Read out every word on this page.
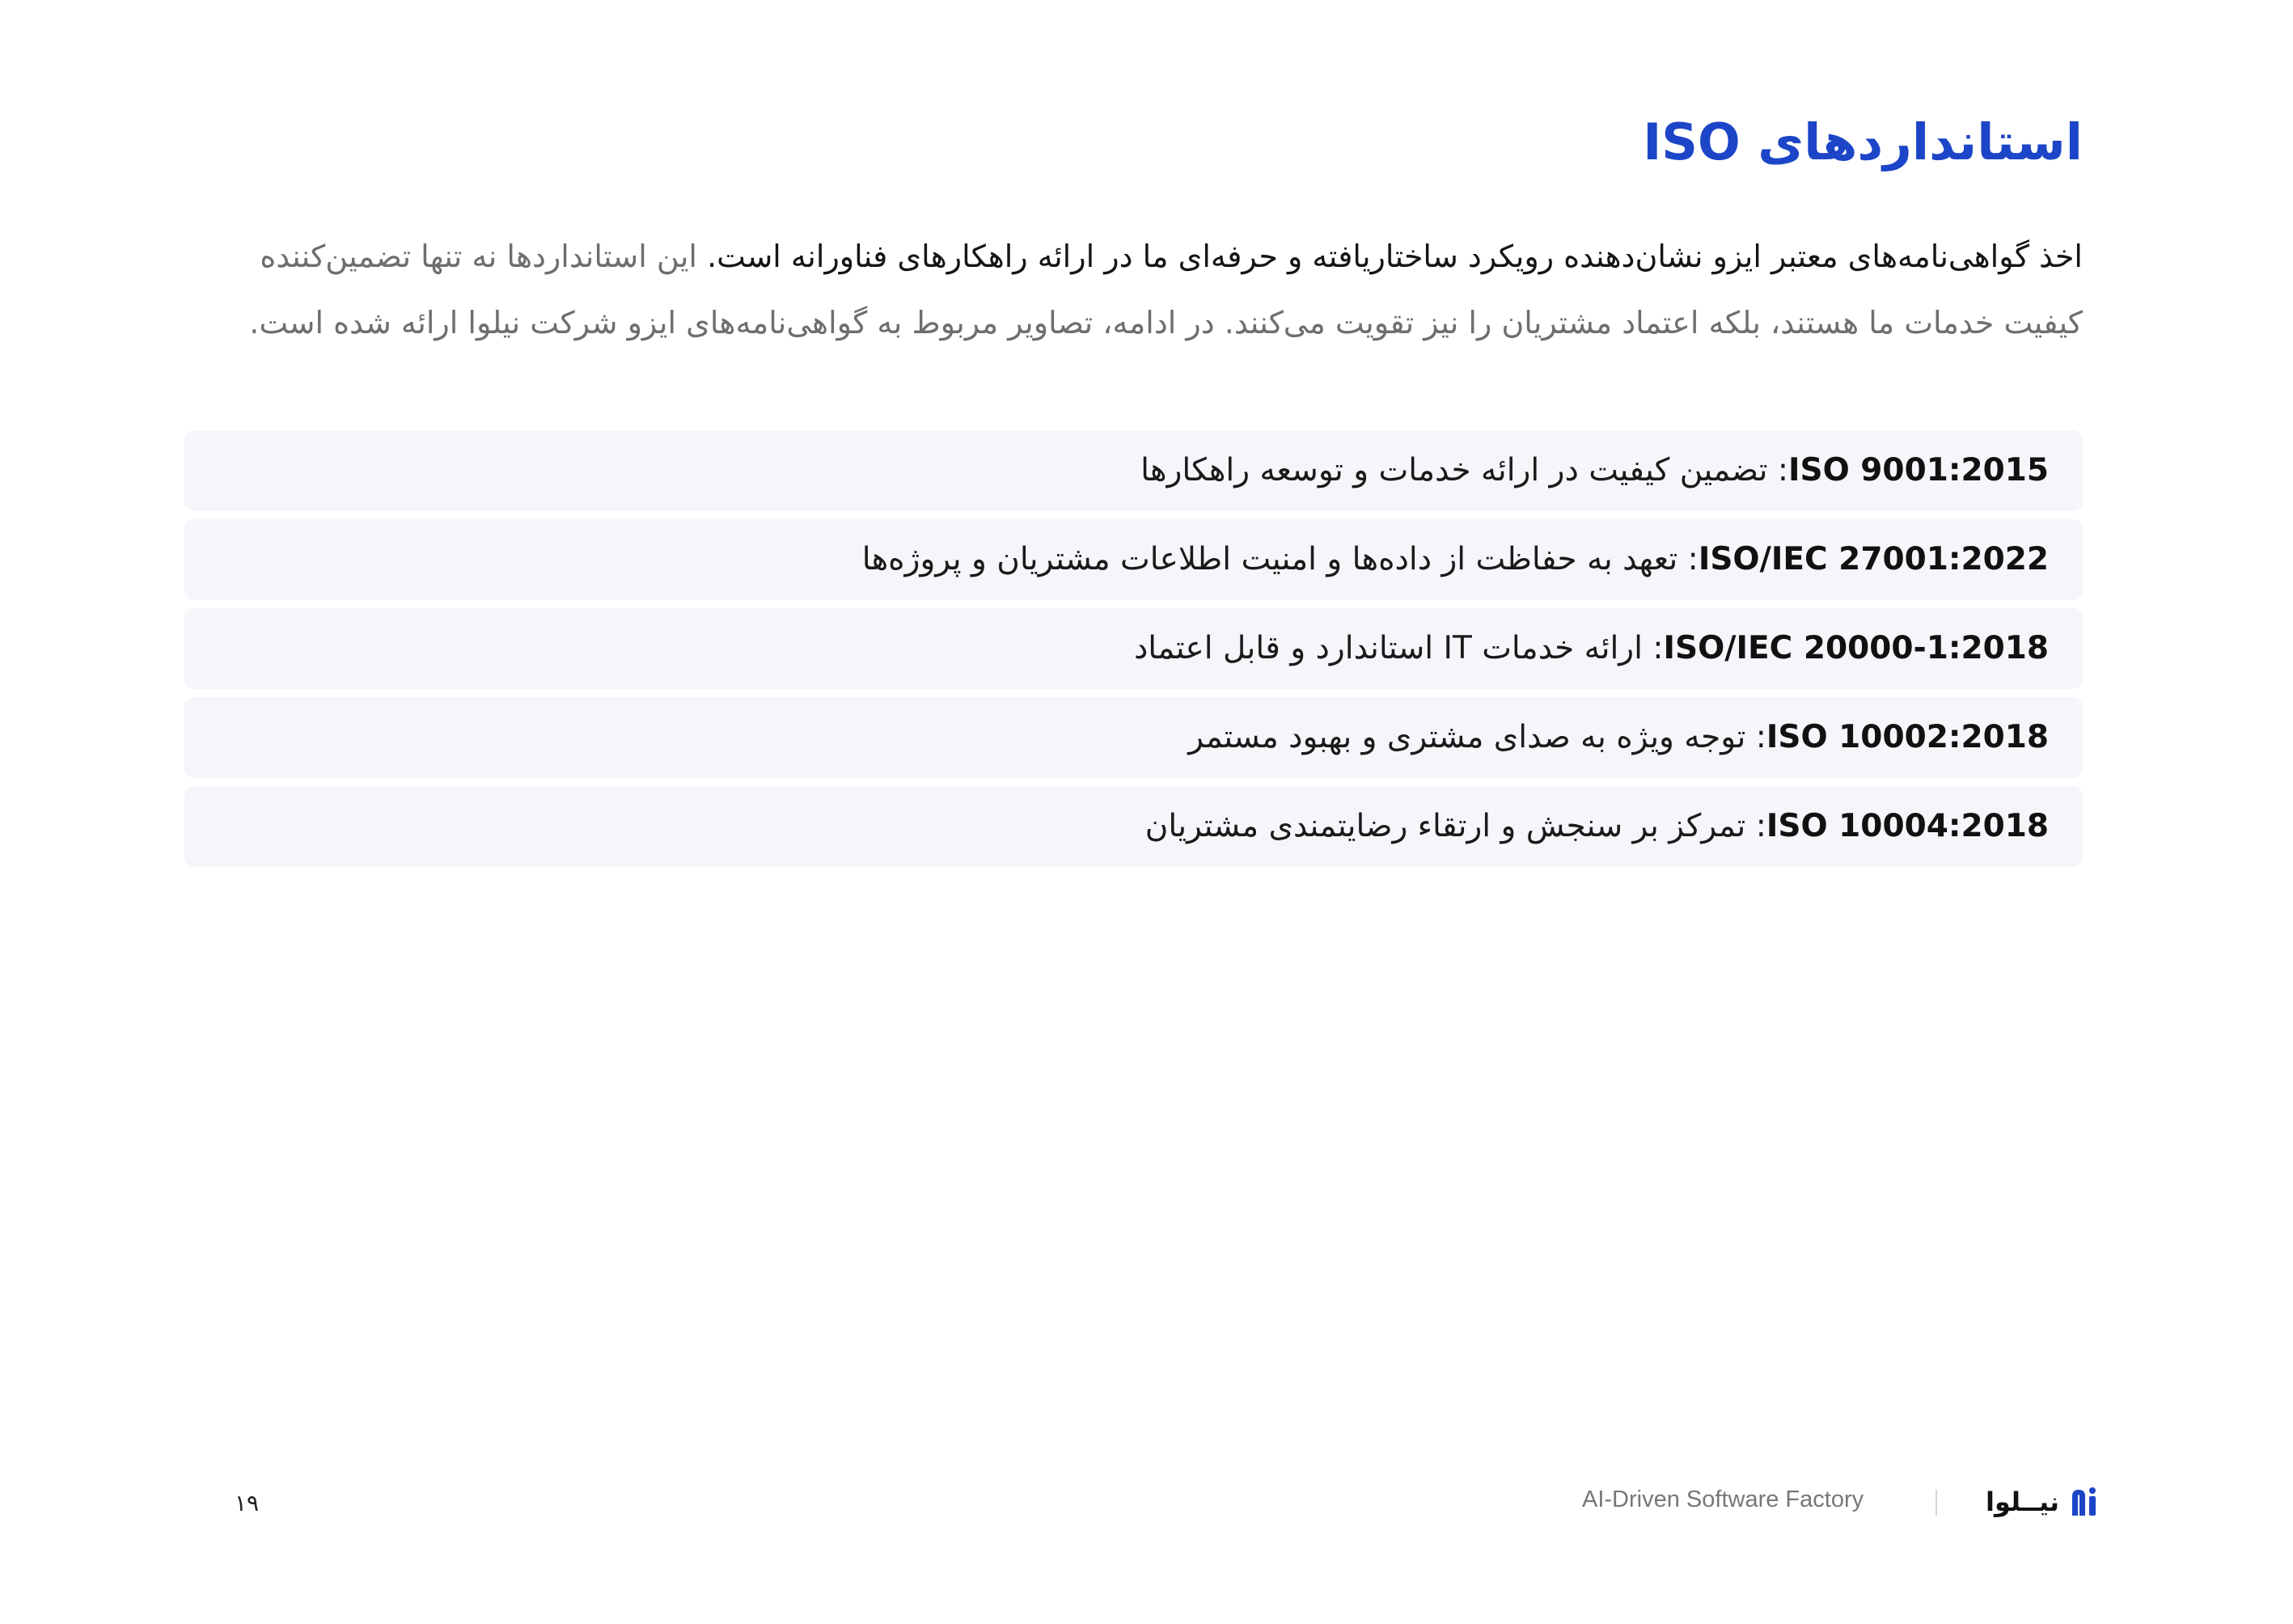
استانداردهای ISO

اخذ گواهی‌نامه‌های معتبر ایزو نشان‌دهنده رویکرد ساختاریافته و حرفه‌ای ما در ارائه راهکارهای فناورانه است. این استانداردها نه تنها تضمین‌کننده کیفیت خدمات ما هستند، بلکه اعتماد مشتریان را نیز تقویت می‌کنند. در ادامه، تصاویر مربوط به گواهی‌نامه‌های ایزو شرکت نیلوا ارائه شده است.

ISO 9001:2015: تضمین کیفیت در ارائه خدمات و توسعه راهکارها
ISO/IEC 27001:2022: تعهد به حفاظت از داده‌ها و امنیت اطلاعات مشتریان و پروژه‌ها
ISO/IEC 20000-1:2018: ارائه خدمات IT استاندارد و قابل اعتماد
ISO 10002:2018: توجه ویژه به صدای مشتری و بهبود مستمر
ISO 10004:2018: تمرکز بر سنجش و ارتقاء رضایتمندی مشتریان
۱۹	AI-Driven Software Factory	نیــلوا
